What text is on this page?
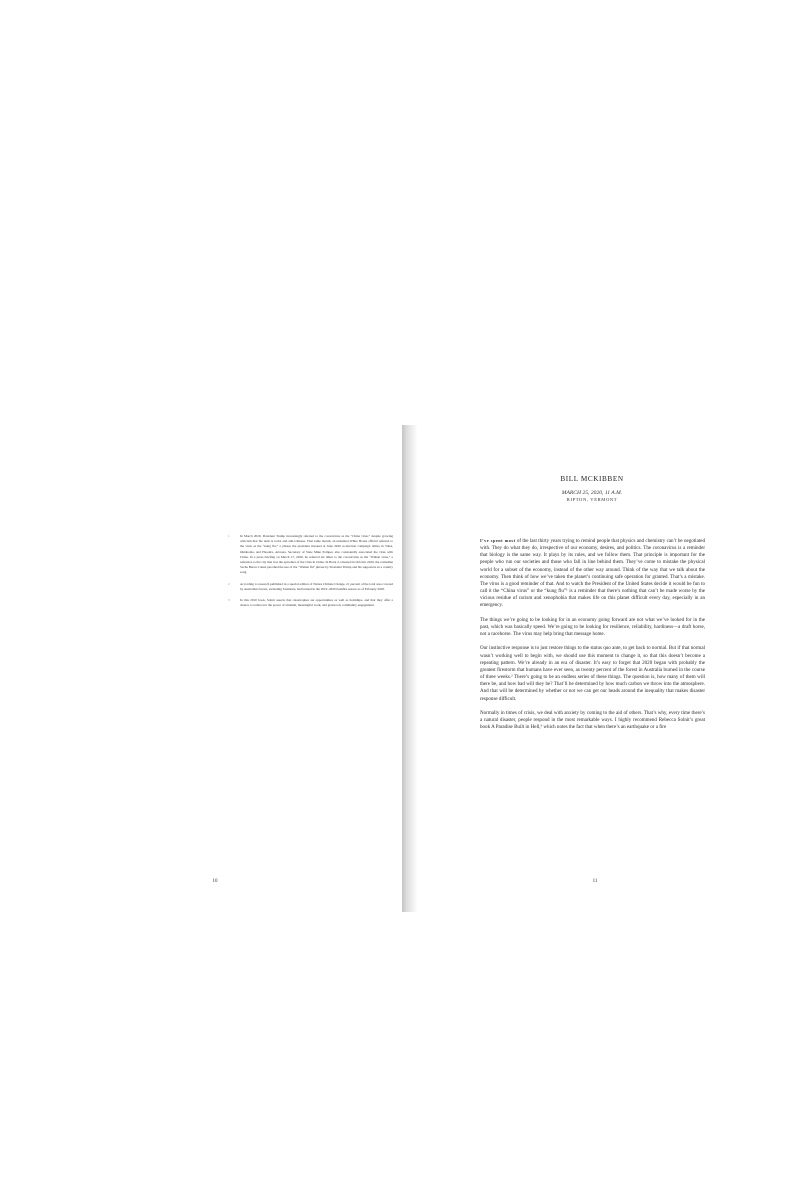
1	In March 2020, President Trump increasingly referred to the coronavirus as the “China virus,” despite growing criticism that the term is racist and anti-Chinese. That same month, an unnamed White House official referred to the virus as the “kung flu,” a phrase the president invoked at June 2020 re-election campaign rallies in Tulsa, Oklahoma, and Phoenix, Arizona. Secretary of State Mike Pompeo also consistently associated the virus with China. In a press briefing on March 17, 2020, he referred six times to the coronavirus as the “Wuhan virus,” a reference to the city that was the epicenter of the virus in China. In Borat 2, released in October 2020, the comedian Sacha Baron Cohen parodied the use of the “Wuhan flu” phrase by President Trump and his supporters in a country song.
2	According to research published in a special edition of Nature Climate Change, 21 percent of the total area covered by Australian forests, excluding Tasmania, had burned in the 2019–2020 bushfire season as of February 2020.
3	In this 2010 book, Solnit asserts that catastrophes are opportunities as well as hardships, and that they offer a chance to rediscover the power of altruism, meaningful work, and grassroots community engagement.
10
BILL MCKIBBEN
MARCH 25, 2020, 11 A.M.
RIPTON, VERMONT

I’ve spent most of the last thirty years trying to remind people that physics and chemistry can’t be negotiated with. They do what they do, irrespective of our economy, desires, and politics. The coronavirus is a reminder that biology is the same way. It plays by its rules, and we follow them. That principle is important for the people who run our societies and those who fall in line behind them. They’ve come to mistake the physical world for a subset of the economy, instead of the other way around. Think of the way that we talk about the economy. Then think of how we’ve taken the planet’s continuing safe operation for granted. That’s a mistake. The virus is a good reminder of that. And to watch the President of the United States decide it would be fun to call it the “China virus” or the “kung flu”¹ is a reminder that there’s nothing that can’t be made worse by the vicious residue of racism and xenophobia that makes life on this planet difficult every day, especially in an emergency.

The things we’re going to be looking for in an economy going forward are not what we’ve looked for in the past, which was basically speed. We’re going to be looking for resilience, reliability, hardiness—a draft horse, not a racehorse. The virus may help bring that message home.

Our instinctive response is to just restore things to the status quo ante, to get back to normal. But if that normal wasn’t working well to begin with, we should use this moment to change it, so that this doesn’t become a repeating pattern. We’re already in an era of disaster. It’s easy to forget that 2020 began with probably the greatest firestorm that humans have ever seen, as twenty percent of the forest in Australia burned in the course of three weeks.² There’s going to be an endless series of these things. The question is, how many of them will there be, and how bad will they be? That’ll be determined by how much carbon we throw into the atmosphere. And that will be determined by whether or not we can get our heads around the inequality that makes disaster response difficult.

Normally in times of crisis, we deal with anxiety by coming to the aid of others. That’s why, every time there’s a natural disaster, people respond in the most remarkable ways. I highly recommend Rebecca Solnit’s great book A Paradise Built in Hell,³ which notes the fact that when there’s an earthquake or a fire

11
